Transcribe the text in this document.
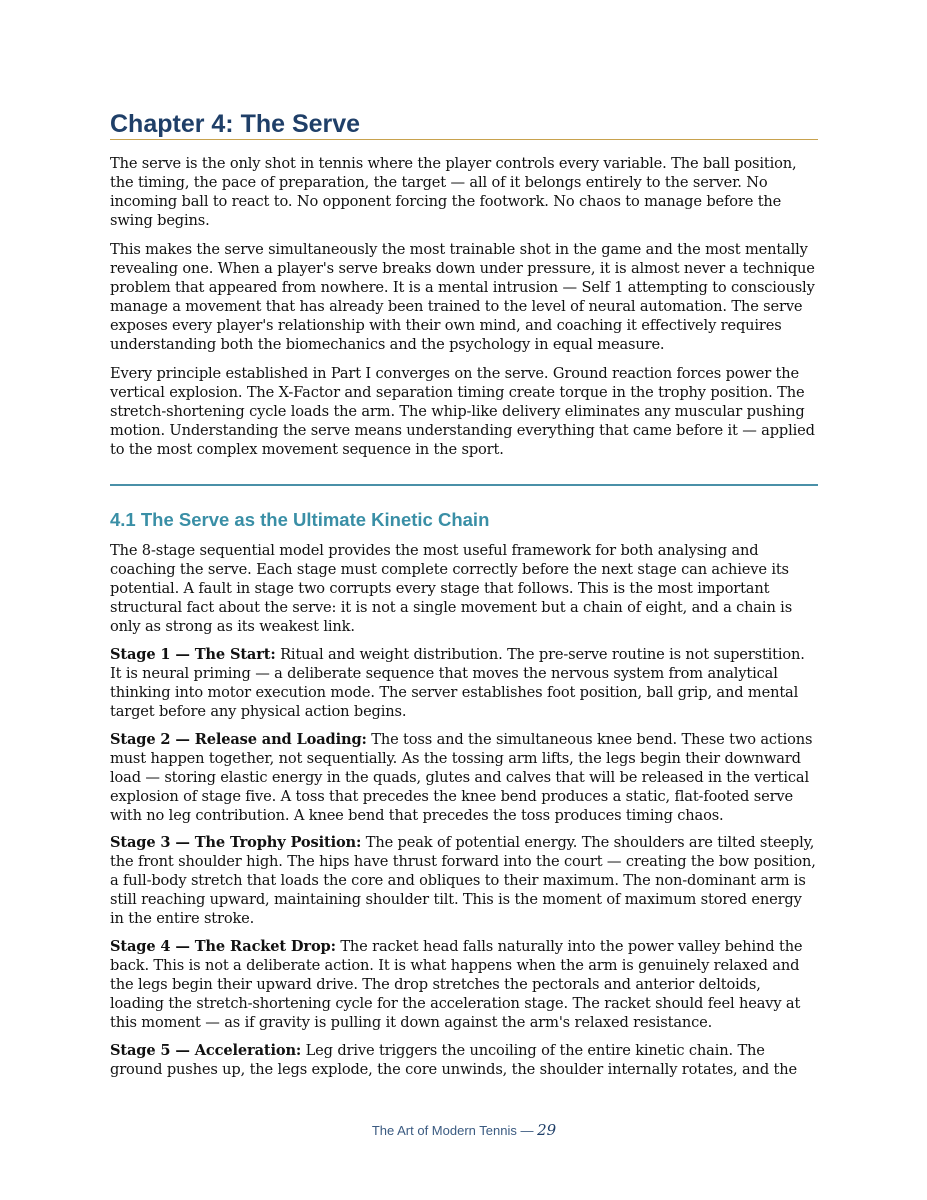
Chapter 4: The Serve

The serve is the only shot in tennis where the player controls every variable. The ball position, the timing, the pace of preparation, the target — all of it belongs entirely to the server. No incoming ball to react to. No opponent forcing the footwork. No chaos to manage before the swing begins.

This makes the serve simultaneously the most trainable shot in the game and the most mentally revealing one. When a player's serve breaks down under pressure, it is almost never a technique problem that appeared from nowhere. It is a mental intrusion — Self 1 attempting to consciously manage a movement that has already been trained to the level of neural automation. The serve exposes every player's relationship with their own mind, and coaching it effectively requires understanding both the biomechanics and the psychology in equal measure.

Every principle established in Part I converges on the serve. Ground reaction forces power the vertical explosion. The X-Factor and separation timing create torque in the trophy position. The stretch-shortening cycle loads the arm. The whip-like delivery eliminates any muscular pushing motion. Understanding the serve means understanding everything that came before it — applied to the most complex movement sequence in the sport.

4.1 The Serve as the Ultimate Kinetic Chain

The 8-stage sequential model provides the most useful framework for both analysing and coaching the serve. Each stage must complete correctly before the next stage can achieve its potential. A fault in stage two corrupts every stage that follows. This is the most important structural fact about the serve: it is not a single movement but a chain of eight, and a chain is only as strong as its weakest link.

Stage 1 — The Start: Ritual and weight distribution. The pre-serve routine is not superstition. It is neural priming — a deliberate sequence that moves the nervous system from analytical thinking into motor execution mode. The server establishes foot position, ball grip, and mental target before any physical action begins.

Stage 2 — Release and Loading: The toss and the simultaneous knee bend. These two actions must happen together, not sequentially. As the tossing arm lifts, the legs begin their downward load — storing elastic energy in the quads, glutes and calves that will be released in the vertical explosion of stage five. A toss that precedes the knee bend produces a static, flat-footed serve with no leg contribution. A knee bend that precedes the toss produces timing chaos.

Stage 3 — The Trophy Position: The peak of potential energy. The shoulders are tilted steeply, the front shoulder high. The hips have thrust forward into the court — creating the bow position, a full-body stretch that loads the core and obliques to their maximum. The non-dominant arm is still reaching upward, maintaining shoulder tilt. This is the moment of maximum stored energy in the entire stroke.

Stage 4 — The Racket Drop: The racket head falls naturally into the power valley behind the back. This is not a deliberate action. It is what happens when the arm is genuinely relaxed and the legs begin their upward drive. The drop stretches the pectorals and anterior deltoids, loading the stretch-shortening cycle for the acceleration stage. The racket should feel heavy at this moment — as if gravity is pulling it down against the arm's relaxed resistance.

Stage 5 — Acceleration: Leg drive triggers the uncoiling of the entire kinetic chain. The ground pushes up, the legs explode, the core unwinds, the shoulder internally rotates, and the

The Art of Modern Tennis — 29
